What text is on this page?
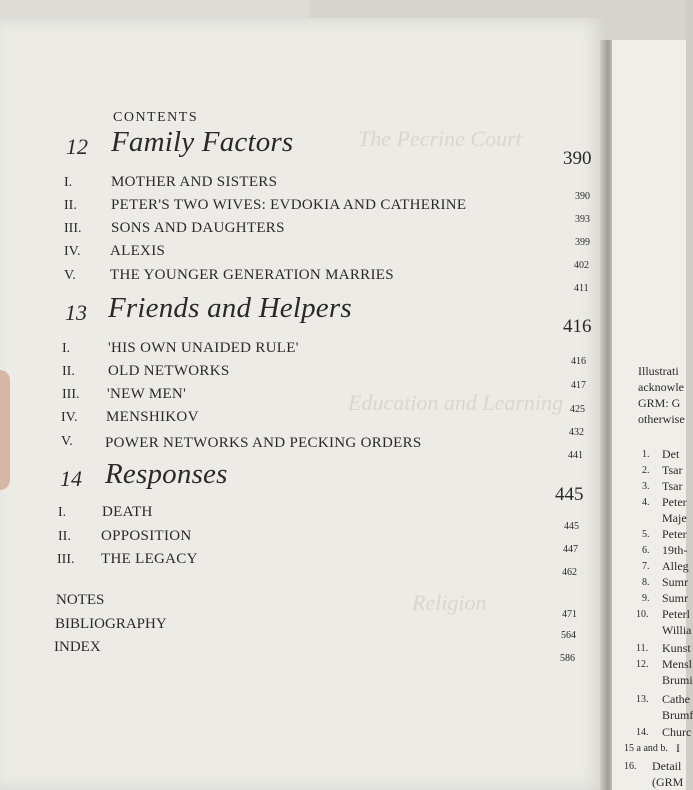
The Pecrine Court
Education and Learning
Religion
CONTENTS
12 Family Factors
390
I.	MOTHER AND SISTERS
390
II. PETER'S TWO WIVES: EVDOKIA AND CATHERINE
393
III. SONS AND DAUGHTERS
399
IV. ALEXIS
402
V. THE YOUNGER GENERATION MARRIES
411
13 Friends and Helpers
416
I.	'HIS OWN UNAIDED RULE'
416
II. OLD NETWORKS
417
III. 'NEW MEN'
425
IV. MENSHIKOV
432
V. POWER NETWORKS AND PECKING ORDERS
441
14 Responses
445
I. DEATH
445
II. OPPOSITION
447
III. THE LEGACY
462
NOTES
471
BIBLIOGRAPHY
564
INDEX
586
Illustrati
acknowle
GRM: G
otherwise
1. Det
2. Tsar
3. Tsar
4. Peter
Maje
5. Peter
6. 19th-
7. Alleg
8. Sumr
9. Sumr
10. Peterl
Willia
11. Kunst
12. Mensl
Brumi
13. Cathe
Brumf
14. Churc
15 a and b. I
16. Detail
(GRM
